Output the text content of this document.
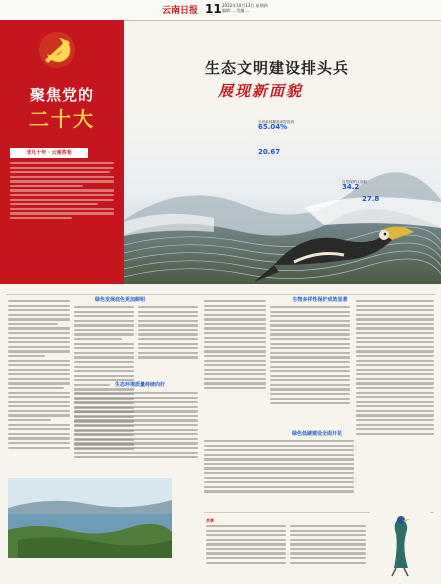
云南日报 11 2022年10月13日 星期四
编辑 ... 美编 ...
聚焦党的
二十大
非凡十年 · 云南答卷
生态文明建设排头兵
展现新面貌
全省森林覆盖率提高到
65.04%
20.67
自然保护区面积
34.2
27.8
绿色发展底色更加鲜明
生态环境质量持续向好
生物多样性保护成效显著
绿色低碳建设全面开花
共享
